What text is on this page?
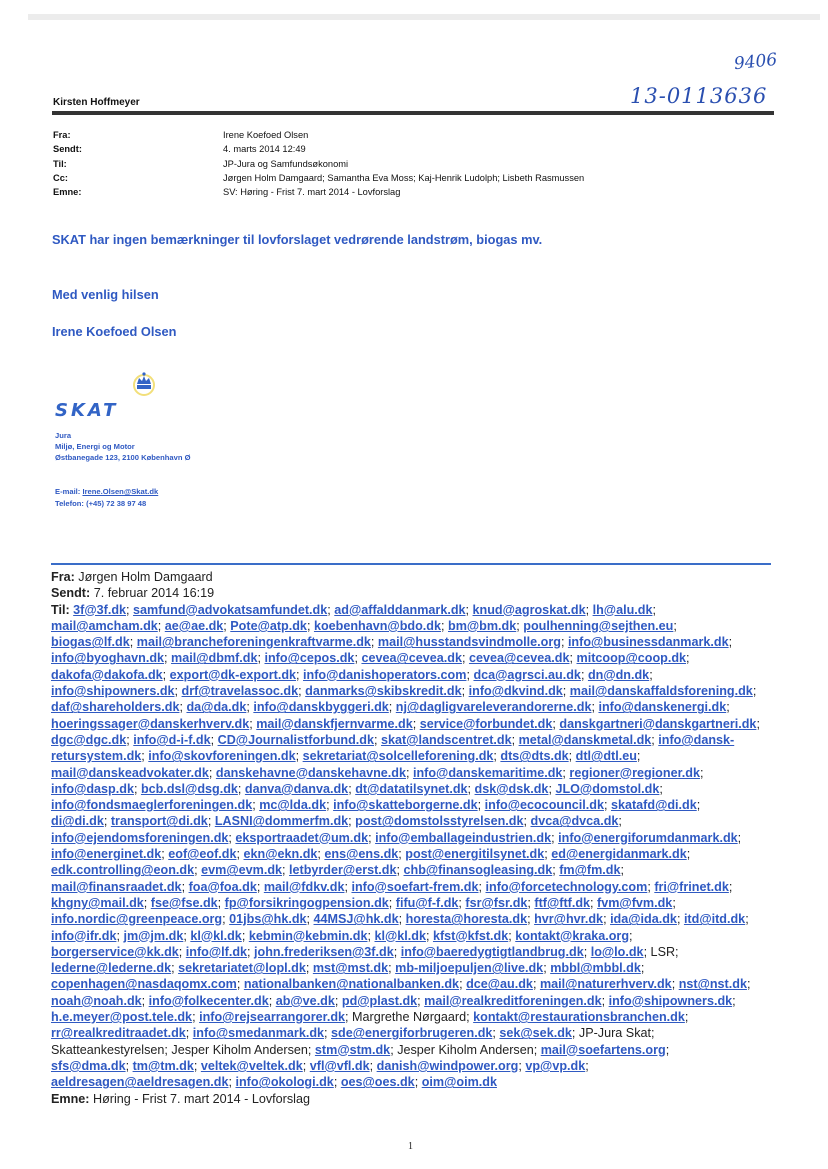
9406
13-0113636
Kirsten Hoffmeyer
Fra:	Irene Koefoed Olsen
Sendt:	4. marts 2014 12:49
Til:	JP-Jura og Samfundsøkonomi
Cc:	Jørgen Holm Damgaard; Samantha Eva Moss; Kaj-Henrik Ludolph; Lisbeth Rasmussen
Emne:	SV: Høring - Frist 7. mart 2014 - Lovforslag
SKAT har ingen bemærkninger til lovforslaget vedrørende landstrøm, biogas mv.
Med venlig hilsen
Irene Koefoed Olsen
SKAT
Jura
Miljø, Energi og Motor
Østbanegade 123, 2100 København Ø
E-mail: Irene.Olsen@Skat.dk
Telefon: (+45) 72 38 97 48
Fra: Jørgen Holm Damgaard
Sendt: 7. februar 2014 16:19
Til: 3f@3f.dk; samfund@advokatsamfundet.dk; ad@affalddanmark.dk; knud@agroskat.dk; lh@alu.dk;
mail@amcham.dk; ae@ae.dk; Pote@atp.dk; koebenhavn@bdo.dk; bm@bm.dk; poulhenning@sejthen.eu;
biogas@lf.dk; mail@brancheforeningenkraftvarme.dk; mail@husstandsvindmolle.org; info@businessdanmark.dk;
info@byoghavn.dk; mail@dbmf.dk; info@cepos.dk; cevea@cevea.dk; cevea@cevea.dk; mitcoop@coop.dk;
dakofa@dakofa.dk; export@dk-export.dk; info@danishoperators.com; dca@agrsci.au.dk; dn@dn.dk;
info@shipowners.dk; drf@travelassoc.dk; danmarks@skibskredit.dk; info@dkvind.dk; mail@danskaffaldsforening.dk;
daf@shareholders.dk; da@da.dk; info@danskbyggeri.dk; nj@dagligvareleverandorerne.dk; info@danskenergi.dk;
hoeringssager@danskerhverv.dk; mail@danskfjernvarme.dk; service@forbundet.dk; danskgartneri@danskgartneri.dk;
dgc@dgc.dk; info@d-i-f.dk; CD@Journalistforbund.dk; skat@landscentret.dk; metal@danskmetal.dk; info@dansk-
retursystem.dk; info@skovforeningen.dk; sekretariat@solcelleforening.dk; dts@dts.dk; dtl@dtl.eu;
mail@danskeadvokater.dk; danskehavne@danskehavne.dk; info@danskemaritime.dk; regioner@regioner.dk;
info@dasp.dk; bcb.dsl@dsg.dk; danva@danva.dk; dt@datatilsynet.dk; dsk@dsk.dk; JLO@domstol.dk;
info@fondsmaeglerforeningen.dk; mc@lda.dk; info@skatteborgerne.dk; info@ecocouncil.dk; skatafd@di.dk;
di@di.dk; transport@di.dk; LASNI@dommerfm.dk; post@domstolsstyrelsen.dk; dvca@dvca.dk;
info@ejendomsforeningen.dk; eksportraadet@um.dk; info@emballageindustrien.dk; info@energiforumdanmark.dk;
info@energinet.dk; eof@eof.dk; ekn@ekn.dk; ens@ens.dk; post@energitilsynet.dk; ed@energidanmark.dk;
edk.controlling@eon.dk; evm@evm.dk; letbyrder@erst.dk; chb@finansogleasing.dk; fm@fm.dk;
mail@finansraadet.dk; foa@foa.dk; mail@fdkv.dk; info@soefart-frem.dk; info@forcetechnology.com; fri@frinet.dk;
khgny@mail.dk; fse@fse.dk; fp@forsikringogpension.dk; fifu@f-f.dk; fsr@fsr.dk; ftf@ftf.dk; fvm@fvm.dk;
info.nordic@greenpeace.org; 01jbs@hk.dk; 44MSJ@hk.dk; horesta@horesta.dk; hvr@hvr.dk; ida@ida.dk; itd@itd.dk;
info@ifr.dk; jm@jm.dk; kl@kl.dk; kebmin@kebmin.dk; kl@kl.dk; kfst@kfst.dk; kontakt@kraka.org;
borgerservice@kk.dk; info@lf.dk; john.frederiksen@3f.dk; info@baeredygtigtlandbrug.dk; lo@lo.dk; LSR;
lederne@lederne.dk; sekretariatet@lopl.dk; mst@mst.dk; mb-miljoepuljen@live.dk; mbbl@mbbl.dk;
copenhagen@nasdaqomx.com; nationalbanken@nationalbanken.dk; dce@au.dk; mail@naturerhverv.dk; nst@nst.dk;
noah@noah.dk; info@folkecenter.dk; ab@ve.dk; pd@plast.dk; mail@realkreditforeningen.dk; info@shipowners.dk;
h.e.meyer@post.tele.dk; info@rejsearrangorer.dk; Margrethe Nørgaard; kontakt@restaurationsbranchen.dk;
rr@realkreditraadet.dk; info@smedanmark.dk; sde@energiforbrugeren.dk; sek@sek.dk; JP-Jura Skat;
Skatteankestyrelsen; Jesper Kiholm Andersen; stm@stm.dk; Jesper Kiholm Andersen; mail@soefartens.org;
sfs@dma.dk; tm@tm.dk; veltek@veltek.dk; vfl@vfl.dk; danish@windpower.org; vp@vp.dk;
aeldresagen@aeldresagen.dk; info@okologi.dk; oes@oes.dk; oim@oim.dk
Emne: Høring - Frist 7. mart 2014 - Lovforslag
1
